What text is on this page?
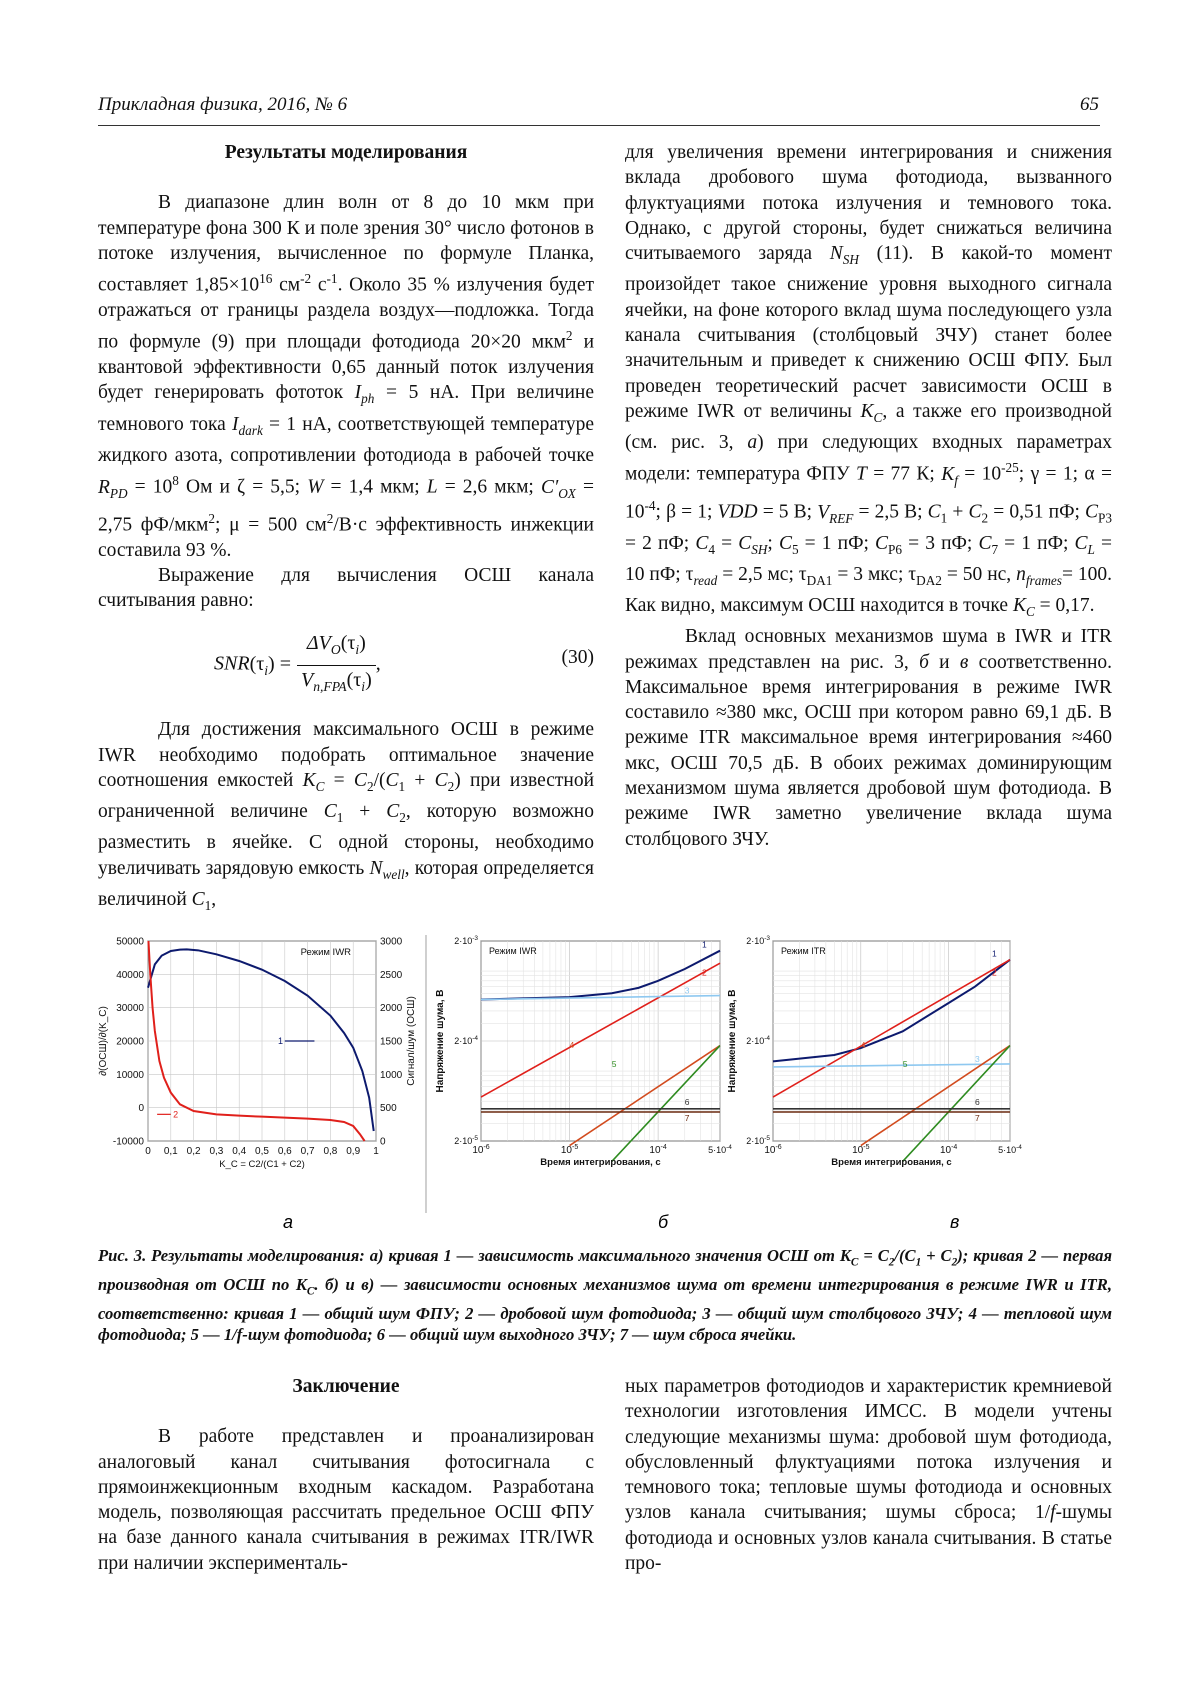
Прикладная физика, 2016, № 6	65

Результаты моделирования

В диапазоне длин волн от 8 до 10 мкм при температуре фона 300 К и поле зрения 30° число фотонов в потоке излучения, вычисленное по формуле Планка, составляет $1,85\times 10^{16}$ $см^{-2}$ $с^{-1}$. Около 35 % излучения будет отражаться от границы раздела воздух—подложка. Тогда по формуле (9) при площади фотодиода 20×20 мкм$^2$ и квантовой эффективности 0,65 данный поток излучения будет генерировать фототок $I_{ph} = 5$ нА. При величине темнового тока $I_{dark} = 1$ нА, соответствующей температуре жидкого азота, сопротивлении фотодиода в рабочей точке $R_{PD} = 10^8$ Ом и ζ = 5,5; W = 1,4 мкм; L = 2,6 мкм; $C'_{OX} = 2,75$ фФ/мкм$^2$; μ = 500 $см^2/В\cdot с$ эффективность инжекции составила 93 %.

Выражение для вычисления ОСШ канала считывания равно:

$SNR(\tau_i) = \frac{\Delta V_O(\tau_i)}{V_{n,FPA}(\tau_i)}$ ,	(30)

Для достижения максимального ОСШ в режиме IWR необходимо подобрать оптимальное значение соотношения емкостей $K_C = C_2/(C_1 + C_2)$ при известной ограниченной величине $C_1 + C_2$, которую возможно разместить в ячейке. С одной стороны, необходимо увеличивать зарядовую емкость $N_{well}$, которая определяется величиной $C_1$,

для увеличения времени интегрирования и снижения вклада дробового шума фотодиода, вызванного флуктуациями потока излучения и темнового тока. Однако, с другой стороны, будет снижаться величина считываемого заряда $N_{SH}$ (11). В какой-то момент произойдет такое снижение уровня выходного сигнала ячейки, на фоне которого вклад шума последующего узла канала считывания (столбцовый ЗЧУ) станет более значительным и приведет к снижению ОСШ ФПУ. Был проведен теоретический расчет зависимости ОСШ в режиме IWR от величины $K_C$, а также его производной (см. рис. 3, а) при следующих входных параметрах модели: температура ФПУ T = 77 К; $K_f = 10^{-25}$; γ = 1; $\alpha = 10^{-4}$; β = 1; VDD = 5 В; $V_{REF} = 2,5$ В; $C_1 + C_2 = 0,51$ пФ; $C_{P3} = 2$ пФ; $C_4 = C_{SH}$; $C_5 = 1$ пФ; $C_{P6} = 3$ пФ; $C_7 = 1$ пФ; $C_L = 10$ пФ; $\tau_{read} = 2,5$ мс; $\tau_{DA1} = 3$ мкс; $\tau_{DA2} = 50$ нс, $n_{frames}= 100$. Как видно, максимум ОСШ находится в точке $K_C = 0,17$.

Вклад основных механизмов шума в IWR и ITR режимах представлен на рис. 3, б и в соответственно. Максимальное время интегрирования в режиме IWR составило ≈380 мкс, ОСШ при котором равно 69,1 дБ. В режиме ITR максимальное время интегрирования ≈460 мкс, ОСШ 70,5 дБ. В обоих режимах доминирующим механизмом шума является дробовой шум фотодиода. В режиме IWR заметно увеличение вклада шума столбцового ЗЧУ.

0 0,1 0,2 0,3 0,4 0,5 0,6 0,7 0,8 0,9 1
50000
40000
30000
20000
10000
0
-10000
3000
2500
2000
1500
1000
500
0
1
2
Режим IWR
K_C = C2/(C1 + C2)
∂(ОСШ)/∂(K_C)	Сигнал/шум (ОСШ)
$10^{-6}$	$10^{-5}$	$10^{-4}$	$5\cdot 10^{-4}$
$2\cdot 10^{-3}$
$2\cdot 10^{-4}$
$2\cdot 10^{-5}$
1
2
3
4
5
6
7
Режим IWR
Время интегрирования, с
Напряжение шума, В
$10^{-6}$	$10^{-5}$	$10^{-4}$	$5\cdot 10^{-4}$
$2\cdot 10^{-3}$
$2\cdot 10^{-4}$
$2\cdot 10^{-5}$
1
2
3
4
5
6
7
Режим ITR
Время интегрирования, с
Напряжение шума, В
а	б	в
Рис. 3. Результаты моделирования: а) кривая 1 — зависимость максимального значения ОСШ от $K_C = C_2/(C_1 + C_2)$; кривая 2 — первая производная от ОСШ по $K_C$. б) и в) — зависимости основных механизмов шума от времени интегрирования в режиме IWR и ITR, соответственно: кривая 1 — общий шум ФПУ; 2 — дробовой шум фотодиода; 3 — общий шум столбцового ЗЧУ; 4 — тепловой шум фотодиода; 5 — 1/f-шум фотодиода; 6 — общий шум выходного ЗЧУ; 7 — шум сброса ячейки.

Заключение

В работе представлен и проанализирован аналоговый канал считывания фотосигнала с прямоинжекционным входным каскадом. Разработана модель, позволяющая рассчитать предельное ОСШ ФПУ на базе данного канала считывания в режимах ITR/IWR при наличии эксперименталь-

ных параметров фотодиодов и характеристик кремниевой технологии изготовления ИМСС. В модели учтены следующие механизмы шума: дробовой шум фотодиода, обусловленный флуктуациями потока излучения и темнового тока; тепловые шумы фотодиода и основных узлов канала считывания; шумы сброса; 1/f-шумы фотодиода и основных узлов канала считывания. В статье про-
